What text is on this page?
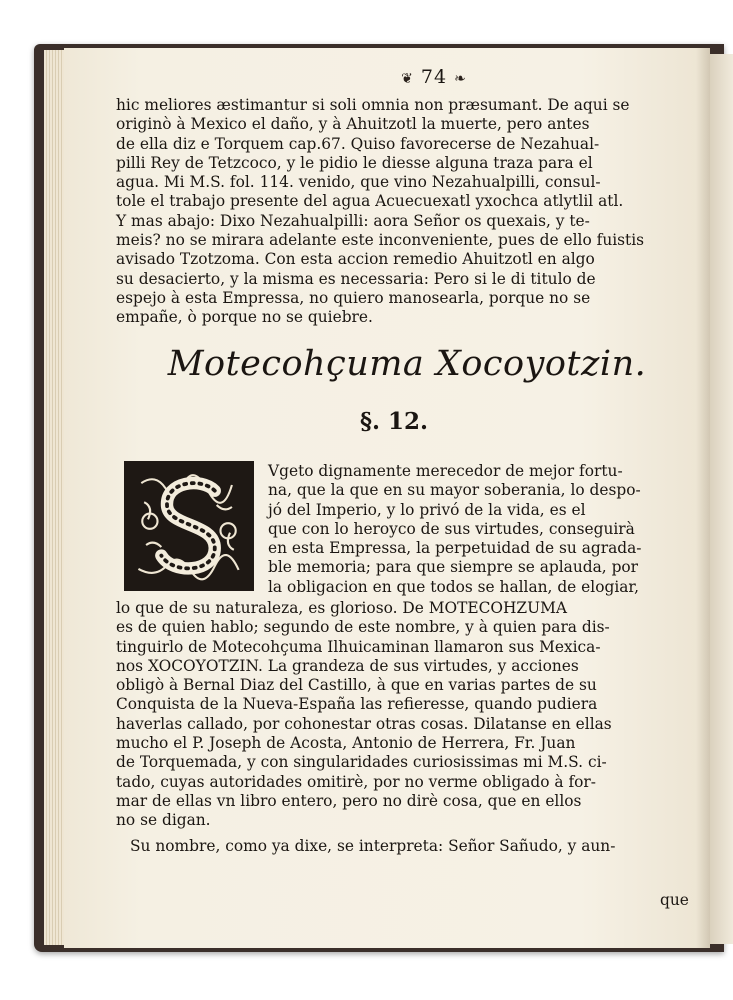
❦ 74 ❧

hic meliores æstimantur si soli omnia non præsumant. De aqui se

originò à Mexico el daño, y à Ahuitzotl la muerte, pero antes

de ella diz e Torquem cap.67. Quiso favorecerse de Nezahual-

pilli Rey de Tetzcoco, y le pidio le diesse alguna traza para el

agua. Mi M.S. fol. 114. venido, que vino Nezahualpilli, consul-

tole el trabajo presente del agua Acuecuexatl yxochca atlytlil atl.

Y mas abajo: Dixo Nezahualpilli: aora Señor os quexais, y te-

meis? no se mirara adelante este inconveniente, pues de ello fuistis

avisado Tzotzoma. Con esta accion remedio Ahuitzotl en algo

su desacierto, y la misma es necessaria: Pero si le di titulo de

espejo à esta Empressa, no quiero manosearla, porque no se

empañe, ò porque no se quiebre.

Motecohçuma Xocoyotzin.
§. 12.

Vgeto dignamente merecedor de mejor fortu-

na, que la que en su mayor soberania, lo despo-

jó del Imperio, y lo privó de la vida, es el

que con lo heroyco de sus virtudes, conseguirà

en esta Empressa, la perpetuidad de su agrada-

ble memoria; para que siempre se aplauda, por

la obligacion en que todos se hallan, de elogiar,

lo que de su naturaleza, es glorioso. De MOTECOHZUMA

es de quien hablo; segundo de este nombre, y à quien para dis-

tinguirlo de Motecohçuma Ilhuicaminan llamaron sus Mexica-

nos XOCOYOTZIN. La grandeza de sus virtudes, y acciones

obligò à Bernal Diaz del Castillo, à que en varias partes de su

Conquista de la Nueva-España las refieresse, quando pudiera

haverlas callado, por cohonestar otras cosas. Dilatanse en ellas

mucho el P. Joseph de Acosta, Antonio de Herrera, Fr. Juan

de Torquemada, y con singularidades curiosissimas mi M.S. ci-

tado, cuyas autoridades omitirè, por no verme obligado à for-

mar de ellas vn libro entero, pero no dirè cosa, que en ellos

no se digan.

Su nombre, como ya dixe, se interpreta: Señor Sañudo, y aun-

que
